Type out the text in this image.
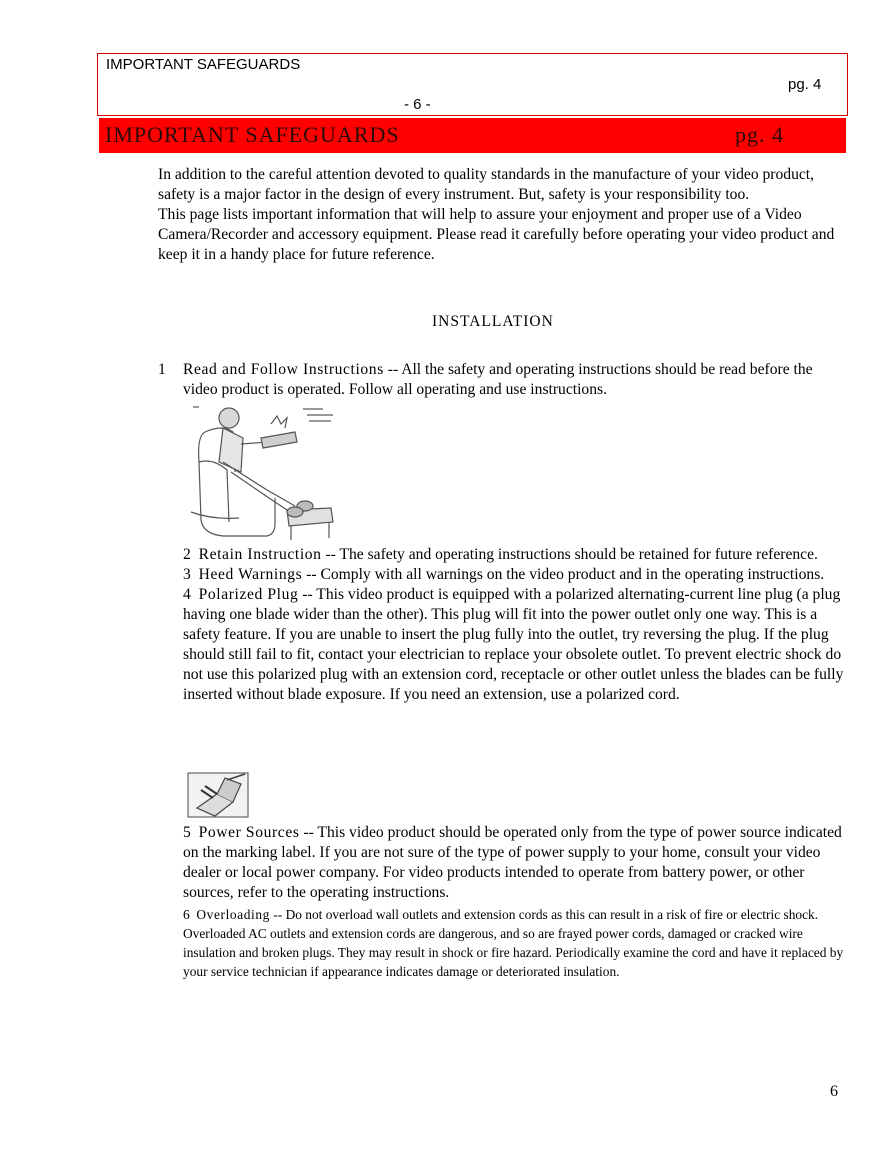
IMPORTANT SAFEGUARDS
pg. 4
- 6 -
IMPORTANT SAFEGUARDS	pg. 4

In addition to the careful attention devoted to quality standards in the manufacture of your video product, safety is a major factor in the design of every instrument. But, safety is your responsibility too.

This page lists important information that will help to assure your enjoyment and proper use of a Video Camera/Recorder and accessory equipment. Please read it carefully before operating your video product and keep it in a handy place for future reference.

INSTALLATION
1 Read and Follow Instructions -- All the safety and operating instructions should be read before the video product is operated. Follow all operating and use instructions.

2 Retain Instruction -- The safety and operating instructions should be retained for future reference.

3 Heed Warnings -- Comply with all warnings on the video product and in the operating instructions.

4 Polarized Plug -- This video product is equipped with a polarized alternating-current line plug (a plug having one blade wider than the other). This plug will fit into the power outlet only one way. This is a safety feature. If you are unable to insert the plug fully into the outlet, try reversing the plug. If the plug should still fail to fit, contact your electrician to replace your obsolete outlet. To prevent electric shock do not use this polarized plug with an extension cord, receptacle or other outlet unless the blades can be fully inserted without blade exposure. If you need an extension, use a polarized cord.

5 Power Sources -- This video product should be operated only from the type of power source indicated on the marking label. If you are not sure of the type of power supply to your home, consult your video dealer or local power company. For video products intended to operate from battery power, or other sources, refer to the operating instructions.

6 Overloading -- Do not overload wall outlets and extension cords as this can result in a risk of fire or electric shock. Overloaded AC outlets and extension cords are dangerous, and so are frayed power cords, damaged or cracked wire insulation and broken plugs. They may result in shock or fire hazard. Periodically examine the cord and have it replaced by your service technician if appearance indicates damage or deteriorated insulation.

6
